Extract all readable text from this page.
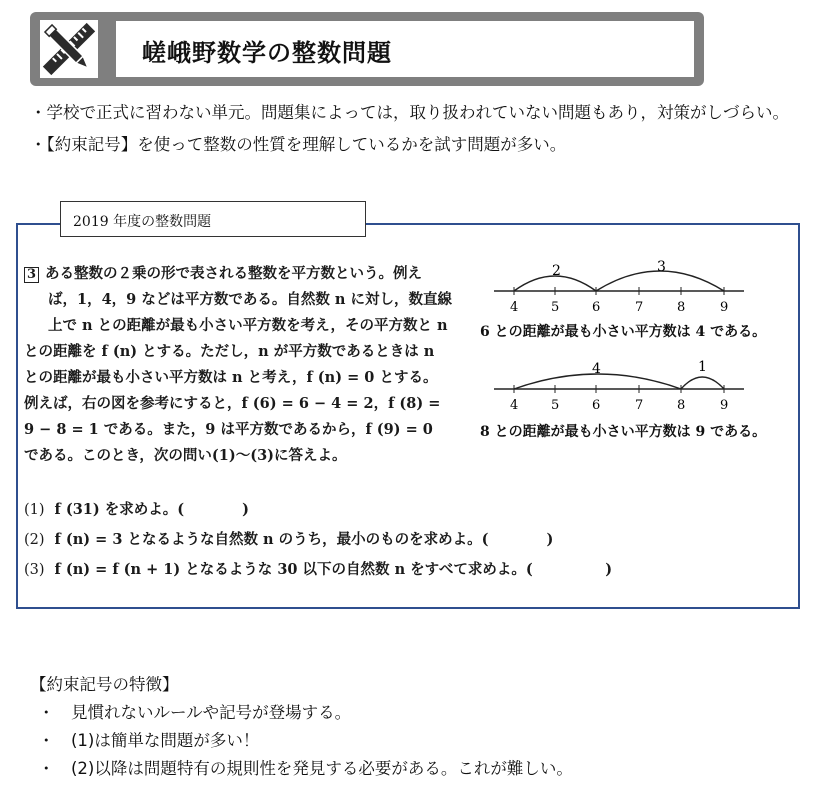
嵯峨野数学の整数問題

・学校で正式に習わない単元。問題集によっては，取り扱われていない問題もあり，対策がしづらい。

・【約束記号】を使って整数の性質を理解しているかを試す問題が多い。

2019 年度の整数問題

3 ある整数の２乗の形で表される整数を平方数という。例え

ば，1，4，9 などは平方数である。自然数 n に対し，数直線

上で n との距離が最も小さい平方数を考え，その平方数と n

との距離を f (n) とする。ただし，n が平方数であるときは n

との距離が最も小さい平方数は n と考え，f (n) = 0 とする。

例えば，右の図を参考にすると，f (6) = 6 − 4 = 2，f (8) =

9 − 8 = 1 である。また，9 は平方数であるから，f (9) = 0

である。このとき，次の問い(1)〜(3)に答えよ。

(1) f (31) を求めよ。(　　　　)

(2) f (n) = 3 となるような自然数 n のうち，最小のものを求めよ。(　　　　)

(3) f (n) = f (n + 1) となるような 30 以下の自然数 n をすべて求めよ。(　　　　　)

2	3
4	5	6	7	8	9
6 との距離が最も小さい平方数は 4 である。
4	1
4	5	6	7	8	9
8 との距離が最も小さい平方数は 9 である。

【約束記号の特徴】

・　見慣れないルールや記号が登場する。

・　(1)は簡単な問題が多い！

・　(2)以降は問題特有の規則性を発見する必要がある。これが難しい。
